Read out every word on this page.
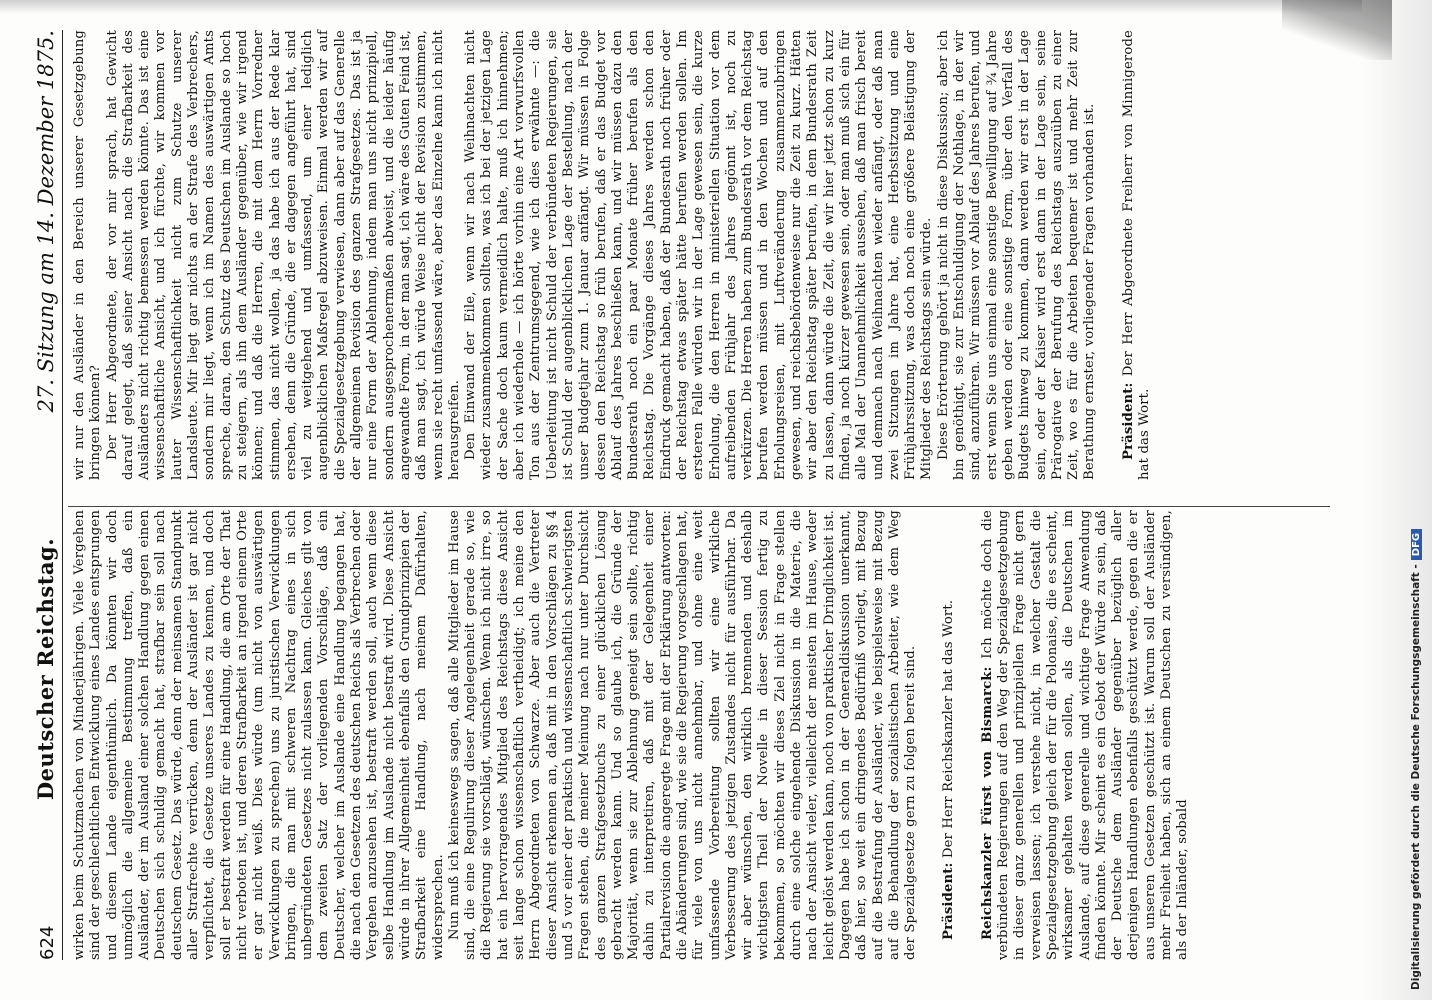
624
Deutscher Reichstag.
27. Sitzung am 14. Dezember 1875.

wirken beim Schutzmachen von Minderjährigen. Viele Vergehen sind der geschlechtlichen Entwicklung eines Landes entsprungen und diesem Lande eigenthümlich. Da könnten wir doch unmöglich die allgemeine Bestimmung treffen, daß ein Ausländer, der im Ausland einer solchen Handlung gegen einen Deutschen sich schuldig gemacht hat, strafbar sein soll nach deutschem Gesetz. Das würde, denn der meinsamen Standpunkt aller Strafrechte verrücken, denn der Ausländer ist gar nicht verpflichtet, die Gesetze unseres Landes zu kennen, und doch soll er bestraft werden für eine Handlung, die am Orte der That nicht verboten ist, und deren Strafbarkeit an irgend einem Orte er gar nicht weiß. Dies würde (um nicht von auswärtigen Verwicklungen zu sprechen) uns zu juristischen Verwicklungen bringen, die man mit schweren Nachtrag eines in sich unbegründeten Gesetzes nicht zulassen kann. Gleiches gilt von dem zweiten Satz der vorliegenden Vorschläge, daß ein Deutscher, welcher im Auslande eine Handlung begangen hat, die nach den Gesetzen des deutschen Reichs als Verbrechen oder Vergehen anzusehen ist, bestraft werden soll, auch wenn diese selbe Handlung im Auslande nicht bestraft wird. Diese Ansicht würde in ihrer Allgemeinheit ebenfalls den Grundprinzipien der Strafbarkeit eine Handlung, nach meinem Dafürhalten, widersprechen. Nun muß ich keineswegs sagen, daß alle Mitglieder im Hause sind, die eine Regulirung dieser Angelegenheit gerade so, wie die Regierung sie vorschlägt, wünschen. Wenn ich nicht irre, so hat ein hervorragendes Mitglied des Reichstags diese Ansicht seit lange schon wissenschaftlich vertheidigt; ich meine den Herrn Abgeordneten von Schwarze. Aber auch die Vertreter dieser Ansicht erkennen an, daß mit in den Vorschlägen zu §§ 4 und 5 vor einer der praktisch und wissenschaftlich schwierigsten Fragen stehen, die meiner Meinung nach nur unter Durchsicht des ganzen Strafgesetzbuchs zu einer glücklichen Lösung gebracht werden kann. Und so glaube ich, die Gründe der Majorität, wenn sie zur Ablehnung geneigt sein sollte, richtig dahin zu interpretiren, daß mit der Gelegenheit einer Partialrevision die angeregte Frage mit der Erklärung antworten: die Abänderungen sind, wie sie die Regierung vorgeschlagen hat, für viele von uns nicht annehmbar, und ohne eine weit umfassende Vorbereitung sollten wir eine wirkliche Verbesserung des jetzigen Zustandes nicht für ausführbar. Da wir aber wünschen, den wirklich brennenden und deshalb wichtigsten Theil der Novelle in dieser Session fertig zu bekommen, so möchten wir dieses Ziel nicht in Frage stellen durch eine solche eingehende Diskussion in die Materie, die nach der Ansicht vieler, vielleicht der meisten im Hause, weder leicht gelöst werden kann, noch von praktischer Dringlichkeit ist. Dagegen habe ich schon in der Generaldiskussion unerkannt, daß hier, so weit ein dringendes Bedürfniß vorliegt, mit Bezug auf die Bestrafung der Ausländer, wie beispielsweise mit Bezug auf die Behandlung der sozialistischen Arbeiter, wie dem Weg der Spezialgesetze gern zu folgen bereit sind. Präsident: Der Herr Reichskanzler hat das Wort. Reichskanzler Fürst von Bismarck: Ich möchte doch die verbündeten Regierungen auf den Weg der Spezialgesetzgebung in dieser ganz generellen und prinzipiellen Frage nicht gern verweisen lassen; ich verstehe nicht, in welcher Gestalt die Spezialgesetzgebung gleich der für die Polonaise, die es scheint, wirksamer gehalten werden sollen, als die Deutschen im Auslande, auf diese generelle und wichtige Frage Anwendung finden könnte. Mir scheint es ein Gebot der Würde zu sein, daß der Deutsche dem Ausländer gegenüber bezüglich aller derjenigen Handlungen ebenfalls geschützt werde, gegen die er aus unseren Gesetzen geschützt ist. Warum soll der Ausländer mehr Freiheit haben, sich an einem Deutschen zu versündigen, als der Inländer, sobald

wir nur den Ausländer in den Bereich unserer Gesetzgebung bringen können? Der Herr Abgeordnete, der vor mir sprach, hat Gewicht darauf gelegt, daß seiner Ansicht nach die Strafbarkeit des Ausländers nicht richtig bemessen werden könnte. Das ist eine wissenschaftliche Ansicht, und ich fürchte, wir kommen vor lauter Wissenschaftlichkeit nicht zum Schutze unserer Landsleute. Mir liegt gar nichts an der Strafe des Verbrechers, sondern mir liegt, wenn ich im Namen des auswärtigen Amts spreche, daran, den Schutz des Deutschen im Auslande so hoch zu steigern, als ihn dem Ausländer gegenüber, wie wir irgend können; und daß die Herren, die mit dem Herrn Vorredner stimmen, das nicht wollen, ja das habe ich aus der Rede klar ersehen, denn die Gründe, die er dagegen angeführt hat, sind viel zu weitgehend und umfassend, um einer lediglich augenblicklichen Maßregel abzuweisen. Einmal werden wir auf die Spezialgesetzgebung verwiesen, dann aber auf das Generelle der allgemeinen Revision des ganzen Strafgesetzes. Das ist ja nur eine Form der Ablehnung, indem man uns nicht prinzipiell, sondern ausgesprochenermaßen abweist, und die leider häufig angewandte Form, in der man sagt, ich wäre des Guten Feind ist, daß man sagt, ich würde Weise nicht der Revision zustimmen, wenn sie recht umfassend wäre, aber das Einzelne kann ich nicht herausgreifen. Den Einwand der Eile, wenn wir nach Weihnachten nicht wieder zusammenkommen sollten, was ich bei der jetzigen Lage der Sache doch kaum vermeidlich halte, muß ich hinnehmen; aber ich wiederhole — ich hörte vorhin eine Art vorwurfsvollen Ton aus der Zentrumsgegend, wie ich dies erwähnte —: die Ueberleitung ist nicht Schuld der verbündeten Regierungen, sie ist Schuld der augenblicklichen Lage der Bestellung, nach der unser Budgetjahr zum 1. Januar anfängt. Wir müssen in Folge dessen den Reichstag so früh berufen, daß er das Budget vor Ablauf des Jahres beschließen kann, und wir müssen dazu den Bundesrath noch ein paar Monate früher berufen als den Reichstag. Die Vorgänge dieses Jahres werden schon den Eindruck gemacht haben, daß der Bundesrath noch früher oder der Reichstag etwas später hätte berufen werden sollen. Im ersteren Falle würden wir in der Lage gewesen sein, die kurze Erholung, die den Herren in ministeriellen Situation vor dem aufreibenden Frühjahr des Jahres gegönnt ist, noch zu verkürzen. Die Herren haben zum Bundesrath vor dem Reichstag berufen werden müssen und in den Wochen und auf den Erholungsreisen, mit Luftveränderung zusammenzubringen gewesen, und reichsbehördenweise nur die Zeit zu kurz. Hätten wir aber den Reichstag später berufen, in dem Bundesrath Zeit zu lassen, dann würde die Zeit, die wir hier jetzt schon zu kurz finden, ja noch kürzer gewesen sein, oder man muß sich ein für alle Mal der Unannehmlichkeit aussehen, daß man frisch bereit und demnach nach Weihnachten wieder anfängt, oder daß man zwei Sitzungen im Jahre hat, eine Herbstsitzung und eine Frühjahrssitzung, was doch noch eine größere Belästigung der Mitglieder des Reichstags sein würde. Diese Erörterung gehört ja nicht in diese Diskussion; aber ich bin genöthigt, sie zur Entschuldigung der Nothlage, in der wir sind, anzuführen. Wir müssen vor Ablauf des Jahres berufen, und erst wenn Sie uns einmal eine sonstige Bewilligung auf ¾ Jahre geben werden oder eine sonstige Form, über den Verfall des Budgets hinweg zu kommen, dann werden wir erst in der Lage sein, oder der Kaiser wird erst dann in der Lage sein, seine Prärogative der Berufung des Reichstags auszuüben zu einer Zeit, wo es für die Arbeiten bequemer ist und mehr Zeit zur Berathung ernster, vorliegender Fragen vorhanden ist. Präsident: Der Herr Abgeordnete Freiherr von Minnigerode hat das Wort.

Digitalisierung gefördert durch die Deutsche Forschungsgemeinschaft -DFG
